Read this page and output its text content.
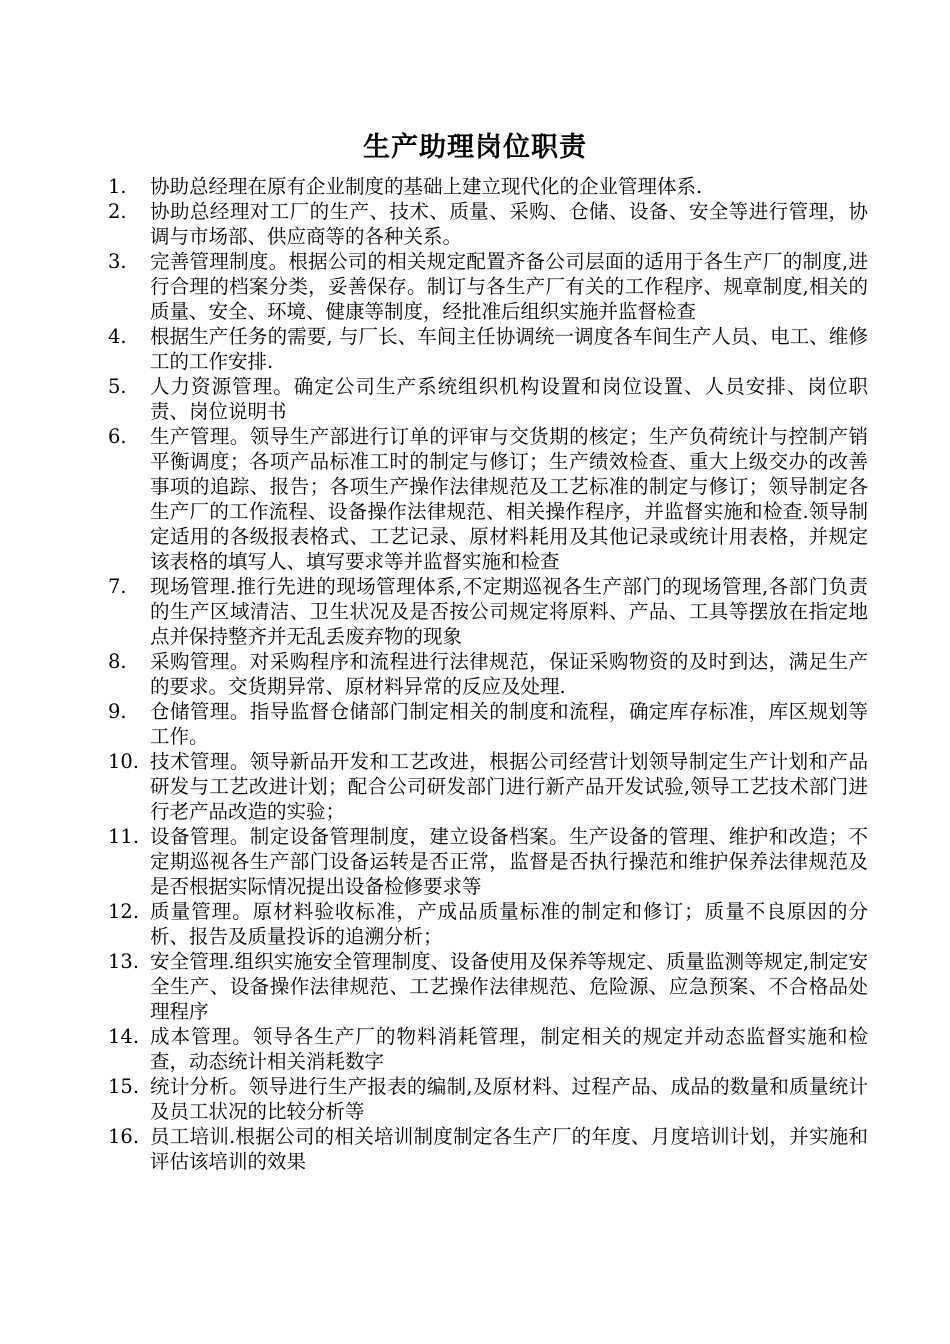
生产助理岗位职责
1.	协助总经理在原有企业制度的基础上建立现代化的企业管理体系.
2.	协助总经理对工厂的生产、技术、质量、采购、仓储、设备、安全等进行管理，协调与市场部、供应商等的各种关系。
3.	完善管理制度。根据公司的相关规定配置齐备公司层面的适用于各生产厂的制度,进行合理的档案分类，妥善保存。制订与各生产厂有关的工作程序、规章制度,相关的质量、安全、环境、健康等制度，经批准后组织实施并监督检查
4.	根据生产任务的需要, 与厂长、车间主任协调统一调度各车间生产人员、电工、维修工的工作安排.
5.	人力资源管理。确定公司生产系统组织机构设置和岗位设置、人员安排、岗位职责、岗位说明书
6.	生产管理。领导生产部进行订单的评审与交货期的核定；生产负荷统计与控制产销平衡调度；各项产品标准工时的制定与修订；生产绩效检查、重大上级交办的改善事项的追踪、报告；各项生产操作法律规范及工艺标准的制定与修订；领导制定各生产厂的工作流程、设备操作法律规范、相关操作程序，并监督实施和检查.领导制定适用的各级报表格式、工艺记录、原材料耗用及其他记录或统计用表格，并规定该表格的填写人、填写要求等并监督实施和检查
7.	现场管理.推行先进的现场管理体系,不定期巡视各生产部门的现场管理,各部门负责的生产区域清洁、卫生状况及是否按公司规定将原料、产品、工具等摆放在指定地点并保持整齐并无乱丢废弃物的现象
8.	采购管理。对采购程序和流程进行法律规范，保证采购物资的及时到达，满足生产的要求。交货期异常、原材料异常的反应及处理.
9.	仓储管理。指导监督仓储部门制定相关的制度和流程，确定库存标准，库区规划等工作。
10. 技术管理。领导新品开发和工艺改进，根据公司经营计划领导制定生产计划和产品研发与工艺改进计划；配合公司研发部门进行新产品开发试验,领导工艺技术部门进行老产品改造的实验；
11. 设备管理。制定设备管理制度，建立设备档案。生产设备的管理、维护和改造；不定期巡视各生产部门设备运转是否正常，监督是否执行操范和维护保养法律规范及是否根据实际情况提出设备检修要求等
12. 质量管理。原材料验收标准，产成品质量标准的制定和修订；质量不良原因的分析、报告及质量投诉的追溯分析；
13. 安全管理.组织实施安全管理制度、设备使用及保养等规定、质量监测等规定,制定安全生产、设备操作法律规范、工艺操作法律规范、危险源、应急预案、不合格品处理程序
14. 成本管理。领导各生产厂的物料消耗管理，制定相关的规定并动态监督实施和检查，动态统计相关消耗数字
15. 统计分析。领导进行生产报表的编制,及原材料、过程产品、成品的数量和质量统计及员工状况的比较分析等
16. 员工培训.根据公司的相关培训制度制定各生产厂的年度、月度培训计划，并实施和评估该培训的效果
